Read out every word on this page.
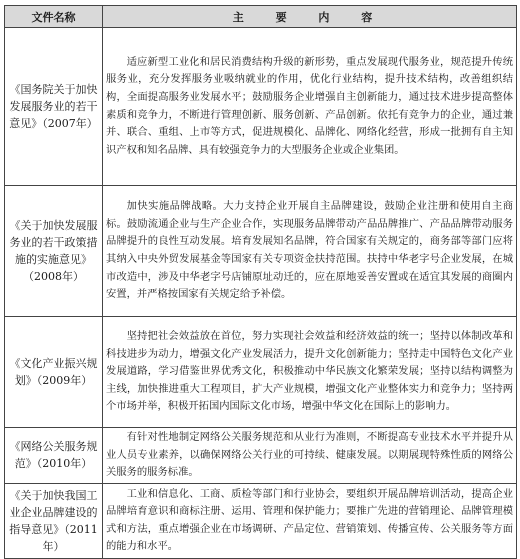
文件名称	主 要 内 容
《国务院关于加快发展服务业的若干意见》（2007年）	适应新型工业化和居民消费结构升级的新形势，重点发展现代服务业，规范提升传统服务业，充分发挥服务业吸纳就业的作用，优化行业结构，提升技术结构，改善组织结构，全面提高服务业发展水平；鼓励服务企业增强自主创新能力，通过技术进步提高整体素质和竞争力，不断进行管理创新、服务创新、产品创新。依托有竞争力的企业，通过兼并、联合、重组、上市等方式，促进规模化、品牌化、网络化经营，形成一批拥有自主知识产权和知名品牌、具有较强竞争力的大型服务企业或企业集团。
《关于加快发展服务业的若干政策措施的实施意见》（2008年）	加快实施品牌战略。大力支持企业开展自主品牌建设，鼓励企业注册和使用自主商标。鼓励流通企业与生产企业合作，实现服务品牌带动产品品牌推广、产品品牌带动服务品牌提升的良性互动发展。培育发展知名品牌，符合国家有关规定的，商务部等部门应将其纳入中央外贸发展基金等国家有关专项资金扶持范围。扶持中华老字号企业发展，在城市改造中，涉及中华老字号店铺原址动迁的，应在原地妥善安置或在适宜其发展的商圈内安置，并严格按国家有关规定给予补偿。
《文化产业振兴规划》（2009年）	坚持把社会效益放在首位，努力实现社会效益和经济效益的统一；坚持以体制改革和科技进步为动力，增强文化产业发展活力，提升文化创新能力；坚持走中国特色文化产业发展道路，学习借鉴世界优秀文化，积极推动中华民族文化繁荣发展；坚持以结构调整为主线，加快推进重大工程项目，扩大产业规模，增强文化产业整体实力和竞争力；坚持两个市场并举，积极开拓国内国际文化市场，增强中华文化在国际上的影响力。
《网络公关服务规范》（2010年）	有针对性地制定网络公关服务规范和从业行为准则，不断提高专业技术水平并提升从业人员专业素养，以确保网络公关行业的可持续、健康发展。以期展现特殊性质的网络公关服务的服务标准。
《关于加快我国工业企业品牌建设的指导意见》（2011年）	工业和信息化、工商、质检等部门和行业协会，要组织开展品牌培训活动，提高企业品牌培育意识和商标注册、运用、管理和保护能力；要推广先进的营销理论、品牌管理模式和方法，重点增强企业在市场调研、产品定位、营销策划、传播宣传、公关服务等方面的能力和水平。
